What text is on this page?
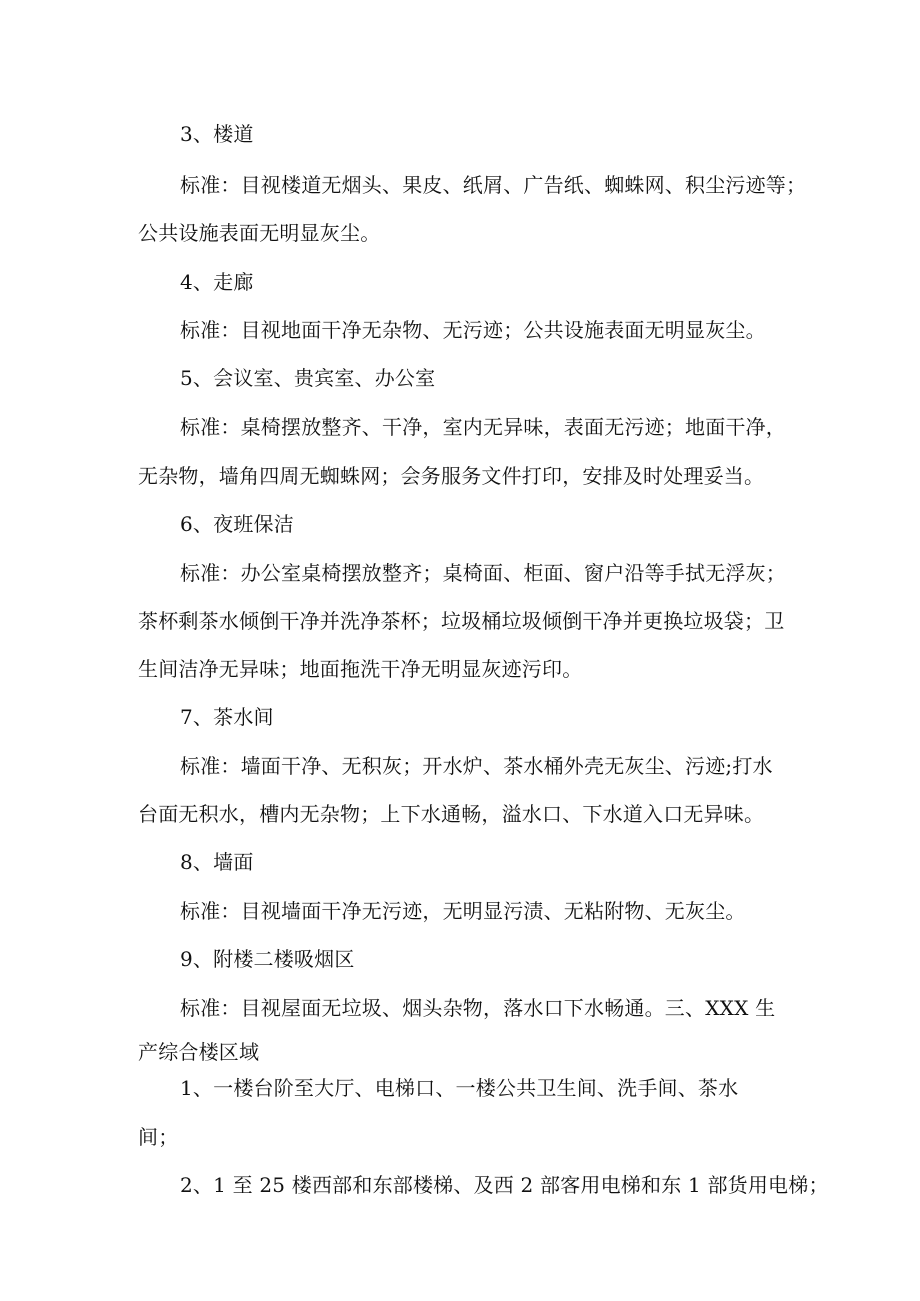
3、楼道
标准：目视楼道无烟头、果皮、纸屑、广告纸、蜘蛛网、积尘污迹等；
公共设施表面无明显灰尘。
4、走廊
标准：目视地面干净无杂物、无污迹；公共设施表面无明显灰尘。
5、会议室、贵宾室、办公室
标准：桌椅摆放整齐、干净，室内无异味，表面无污迹；地面干净，
无杂物，墙角四周无蜘蛛网；会务服务文件打印，安排及时处理妥当。
6、夜班保洁
标准：办公室桌椅摆放整齐；桌椅面、柜面、窗户沿等手拭无浮灰；
茶杯剩茶水倾倒干净并洗净茶杯；垃圾桶垃圾倾倒干净并更换垃圾袋；卫
生间洁净无异味；地面拖洗干净无明显灰迹污印。
7、茶水间
标准：墙面干净、无积灰；开水炉、茶水桶外壳无灰尘、污迹;打水
台面无积水，槽内无杂物；上下水通畅，溢水口、下水道入口无异味。
8、墙面
标准：目视墙面干净无污迹，无明显污渍、无粘附物、无灰尘。
9、附楼二楼吸烟区
标准：目视屋面无垃圾、烟头杂物，落水口下水畅通。三、XXX 生
产综合楼区域
1、一楼台阶至大厅、电梯口、一楼公共卫生间、洗手间、茶水
间；
2、1 至 25 楼西部和东部楼梯、及西 2 部客用电梯和东 1 部货用电梯；
